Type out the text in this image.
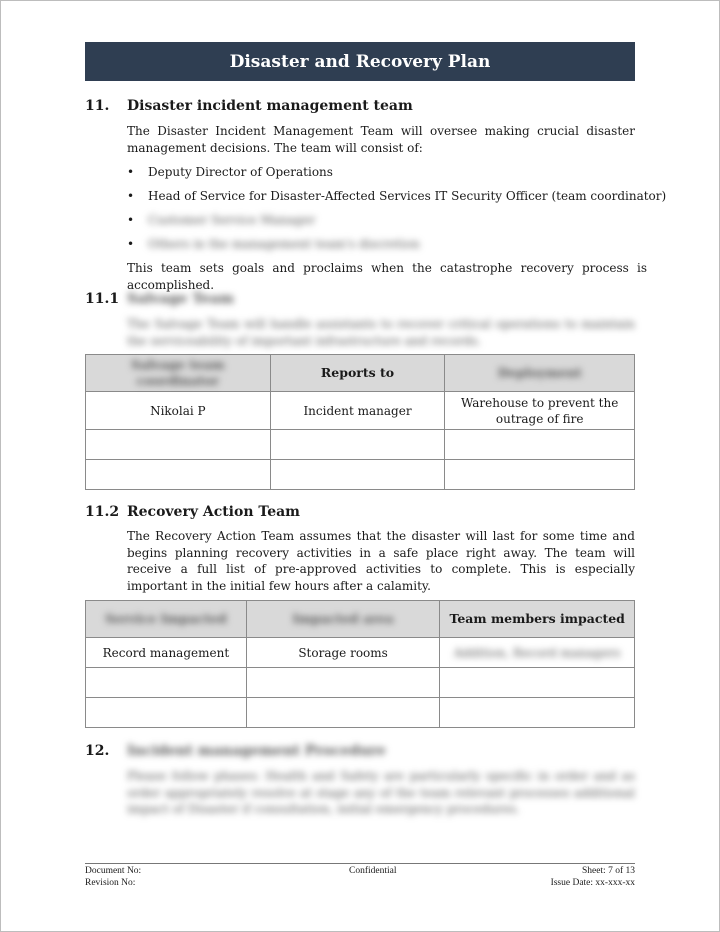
Disaster and Recovery Plan
11. Disaster incident management team
The Disaster Incident Management Team will oversee making crucial disaster management decisions. The team will consist of:
• Deputy Director of Operations
• Head of Service for Disaster-Affected Services IT Security Officer (team coordinator)
• Customer Service Manager
• Others in the management team's discretion
This team sets goals and proclaims when the catastrophe recovery process is accomplished.
11.1 Salvage Team
The Salvage Team will handle assistants to recover critical operations to maintain the serviceability of important infrastructure and records.
Salvage team coordinator	Reports to	Deployment
Nikolai P	Incident manager	Warehouse to prevent the outrage of fire

11.2 Recovery Action Team
The Recovery Action Team assumes that the disaster will last for some time and begins planning recovery activities in a safe place right away. The team will receive a full list of pre-approved activities to complete. This is especially important in the initial few hours after a calamity.
Service Impacted	Impacted area	Team members impacted
Record management	Storage rooms	Addition, Record managers

12. Incident management Procedure
Please follow phases: Health and Safety are particularly specific in order and as order appropriately resolve at stage any of the team relevant processes additional impact of Disaster if consultation, initial emergency procedures.
Document No:
Revision No:
Confidential	Sheet: 7 of 13
Issue Date: xx-xxx-xx
